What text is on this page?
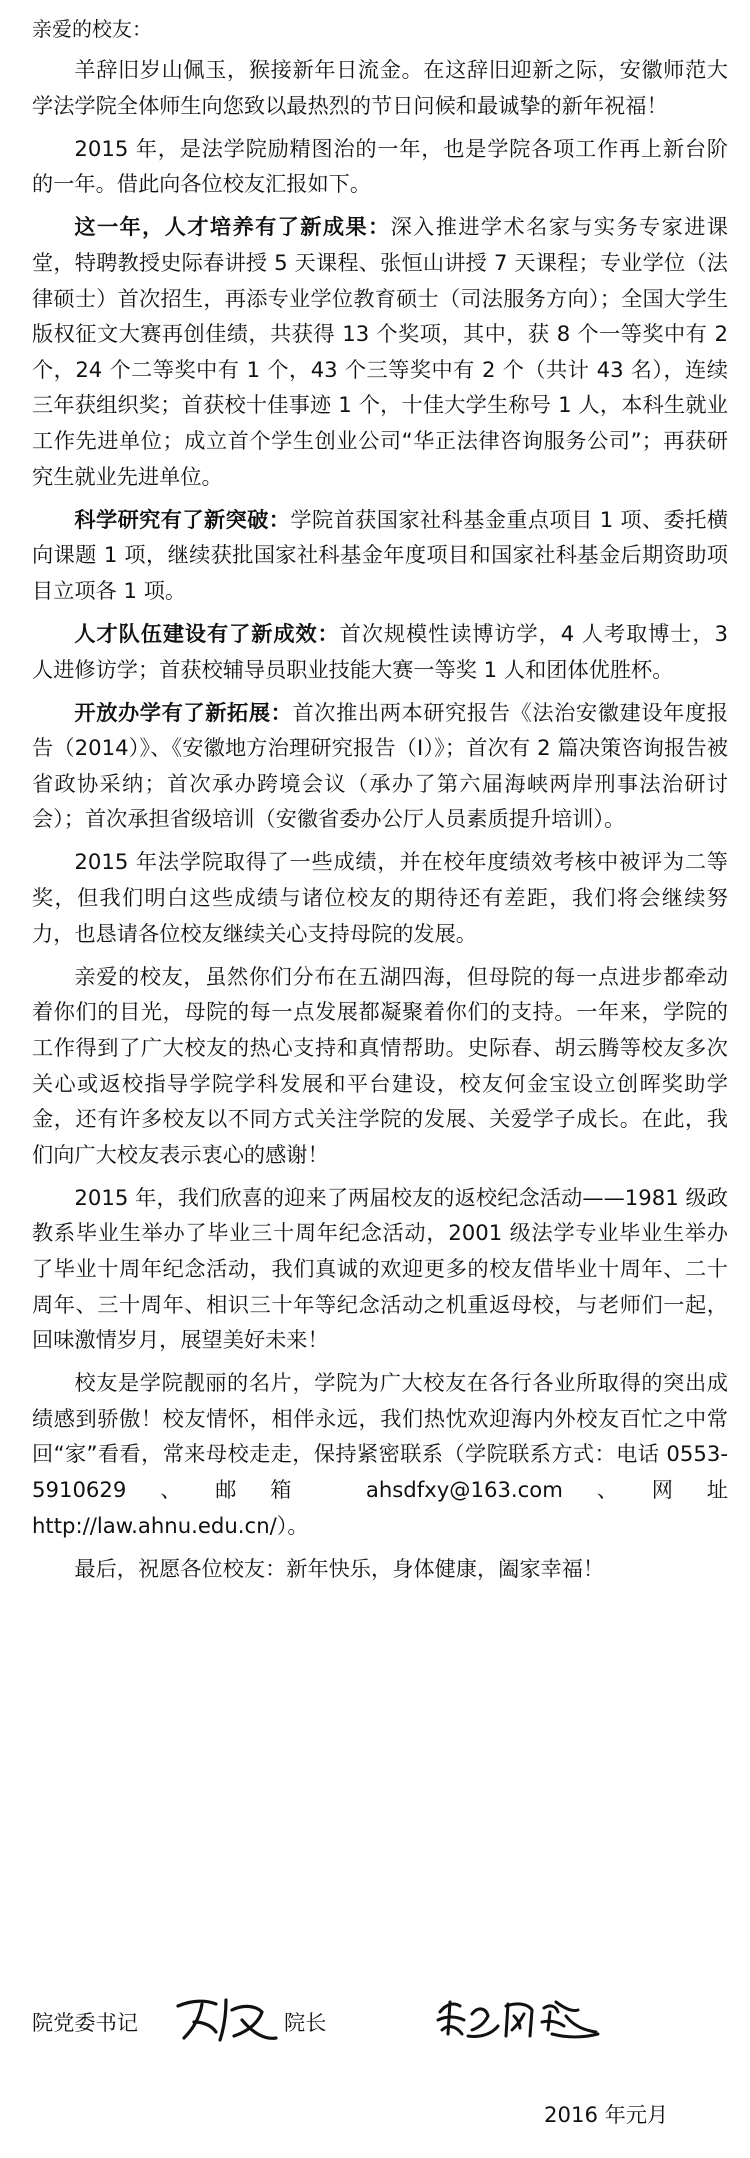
亲爱的校友：

羊辞旧岁山佩玉，猴接新年日流金。在这辞旧迎新之际，安徽师范大学法学院全体师生向您致以最热烈的节日问候和最诚挚的新年祝福！

2015 年，是法学院励精图治的一年，也是学院各项工作再上新台阶的一年。借此向各位校友汇报如下。

这一年，人才培养有了新成果：深入推进学术名家与实务专家进课堂，特聘教授史际春讲授 5 天课程、张恒山讲授 7 天课程；专业学位（法律硕士）首次招生，再添专业学位教育硕士（司法服务方向）；全国大学生版权征文大赛再创佳绩，共获得 13 个奖项，其中，获 8 个一等奖中有 2 个，24 个二等奖中有 1 个，43 个三等奖中有 2 个（共计 43 名），连续三年获组织奖；首获校十佳事迹 1 个，十佳大学生称号 1 人，本科生就业工作先进单位；成立首个学生创业公司“华正法律咨询服务公司”；再获研究生就业先进单位。

科学研究有了新突破：学院首获国家社科基金重点项目 1 项、委托横向课题 1 项，继续获批国家社科基金年度项目和国家社科基金后期资助项目立项各 1 项。

人才队伍建设有了新成效：首次规模性读博访学，4 人考取博士，3 人进修访学；首获校辅导员职业技能大赛一等奖 1 人和团体优胜杯。

开放办学有了新拓展：首次推出两本研究报告《法治安徽建设年度报告（2014）》、《安徽地方治理研究报告（Ⅰ）》；首次有 2 篇决策咨询报告被省政协采纳；首次承办跨境会议（承办了第六届海峡两岸刑事法治研讨会）；首次承担省级培训（安徽省委办公厅人员素质提升培训）。

2015 年法学院取得了一些成绩，并在校年度绩效考核中被评为二等奖，但我们明白这些成绩与诸位校友的期待还有差距，我们将会继续努力，也恳请各位校友继续关心支持母院的发展。

亲爱的校友，虽然你们分布在五湖四海，但母院的每一点进步都牵动着你们的目光，母院的每一点发展都凝聚着你们的支持。一年来，学院的工作得到了广大校友的热心支持和真情帮助。史际春、胡云腾等校友多次关心或返校指导学院学科发展和平台建设，校友何金宝设立创晖奖助学金，还有许多校友以不同方式关注学院的发展、关爱学子成长。在此，我们向广大校友表示衷心的感谢！

2015 年，我们欣喜的迎来了两届校友的返校纪念活动——1981 级政教系毕业生举办了毕业三十周年纪念活动，2001 级法学专业毕业生举办了毕业十周年纪念活动，我们真诚的欢迎更多的校友借毕业十周年、二十周年、三十周年、相识三十年等纪念活动之机重返母校，与老师们一起，回味激情岁月，展望美好未来！

校友是学院靓丽的名片，学院为广大校友在各行各业所取得的突出成绩感到骄傲！校友情怀，相伴永远，我们热忱欢迎海内外校友百忙之中常回“家”看看，常来母校走走，保持紧密联系（学院联系方式：电话 0553-5910629、邮箱 ahsdfxy@163.com、网址 http://law.ahnu.edu.cn/）。

最后，祝愿各位校友：新年快乐，身体健康，阖家幸福！

院党委书记	院长
2016 年元月
